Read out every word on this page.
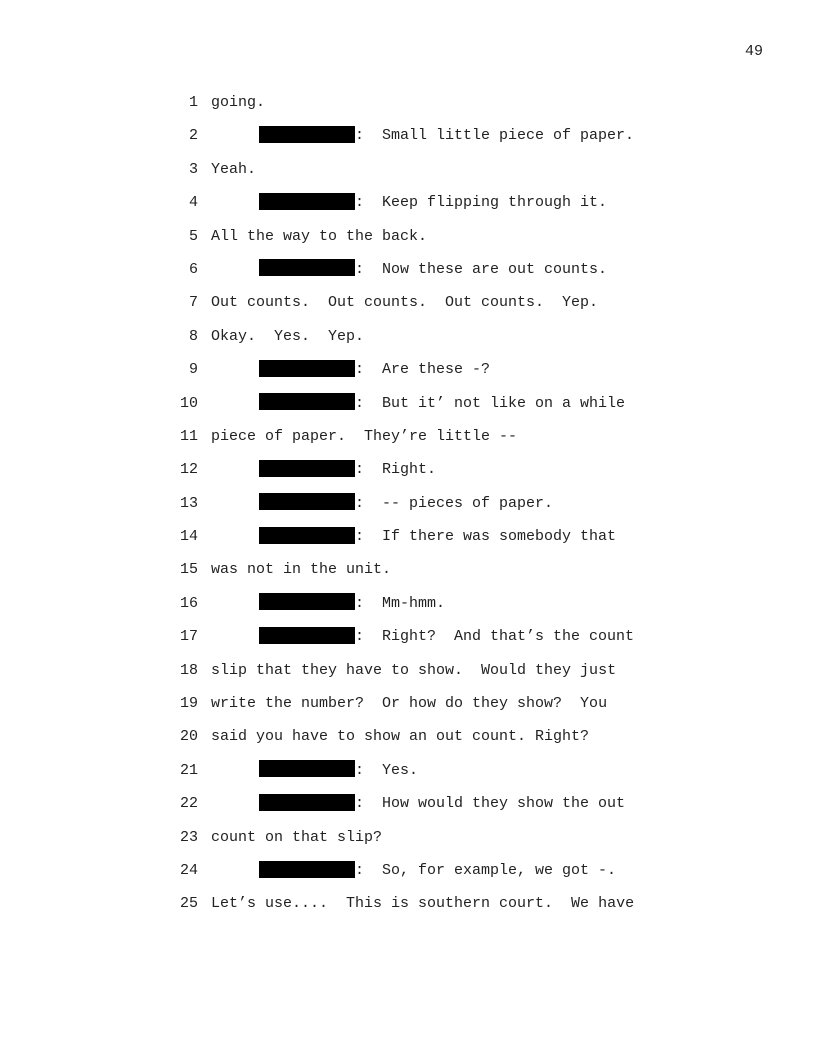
49
1 going.
2	:  Small little piece of paper.
3 Yeah.
4	:  Keep flipping through it.
5 All the way to the back.
6	:  Now these are out counts.
7 Out counts.  Out counts.  Out counts.  Yep.
8 Okay.  Yes.  Yep.
9	:  Are these -?
10	:  But it’ not like on a while
11 piece of paper.  They’re little --
12	:  Right.
13	:  -- pieces of paper.
14	:  If there was somebody that
15 was not in the unit.
16	:  Mm-hmm.
17	:  Right?  And that’s the count
18 slip that they have to show.  Would they just
19 write the number?  Or how do they show?  You
20 said you have to show an out count. Right?
21	:  Yes.
22	:  How would they show the out
23 count on that slip?
24	:  So, for example, we got -.
25 Let’s use....  This is southern court.  We have
